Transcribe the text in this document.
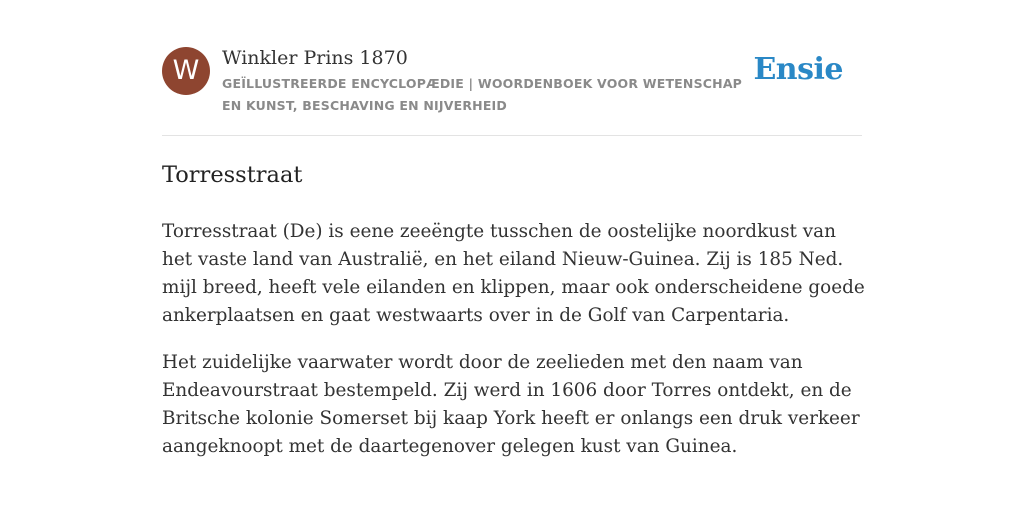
W	Winkler Prins 1870
GEÏLLUSTREERDE ENCYCLOPÆDIE | WOORDENBOEK VOOR WETENSCHAP EN KUNST, BESCHAVING EN NIJVERHEID
Ensie
Torresstraat

Torresstraat (De) is eene zeeëngte tusschen de oostelijke noordkust van het vaste land van Australië, en het eiland Nieuw-Guinea. Zij is 185 Ned. mijl breed, heeft vele eilanden en klippen, maar ook onderscheidene goede ankerplaatsen en gaat westwaarts over in de Golf van Carpentaria.

Het zuidelijke vaarwater wordt door de zeelieden met den naam van Endeavourstraat bestempeld. Zij werd in 1606 door Torres ontdekt, en de Britsche kolonie Somerset bij kaap York heeft er onlangs een druk verkeer aangeknoopt met de daartegenover gelegen kust van Guinea.
